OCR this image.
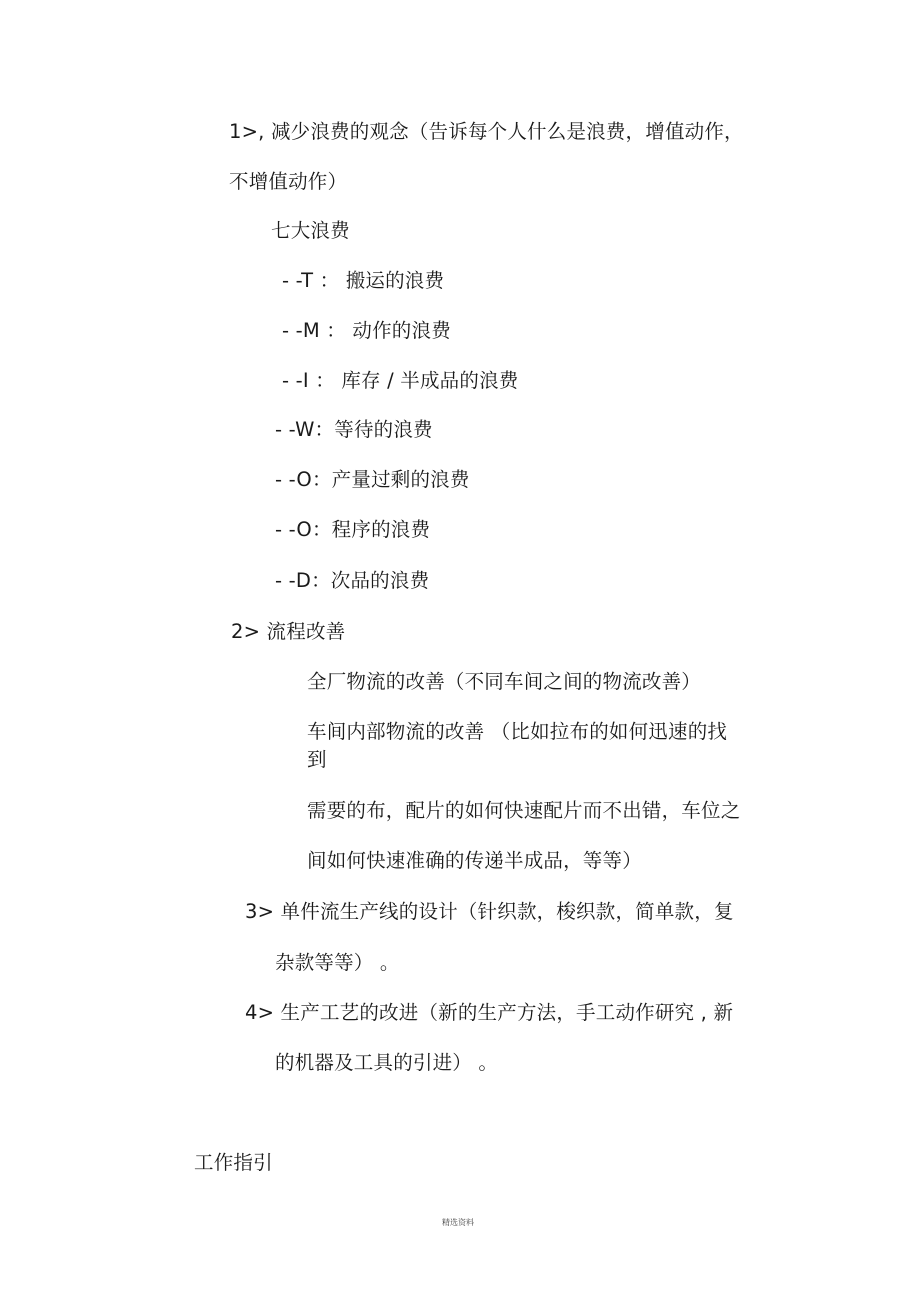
1>, 减少浪费的观念（告诉每个人什么是浪费，增值动作，
不增值动作）
七大浪费
- -T ： 搬运的浪费
- -M ： 动作的浪费
- -I ： 库存 / 半成品的浪费
- -W：等待的浪费
- -O：产量过剩的浪费
- -O：程序的浪费
- -D：次品的浪费
2> 流程改善
全厂物流的改善（不同车间之间的物流改善）
车间内部物流的改善 （比如拉布的如何迅速的找
到
需要的布，配片的如何快速配片而不出错，车位之
间如何快速准确的传递半成品，等等）
3> 单件流生产线的设计（针织款，梭织款，简单款，复
杂款等等） 。
4> 生产工艺的改进（新的生产方法，手工动作研究 , 新
的机器及工具的引进） 。
工作指引
精选资料
